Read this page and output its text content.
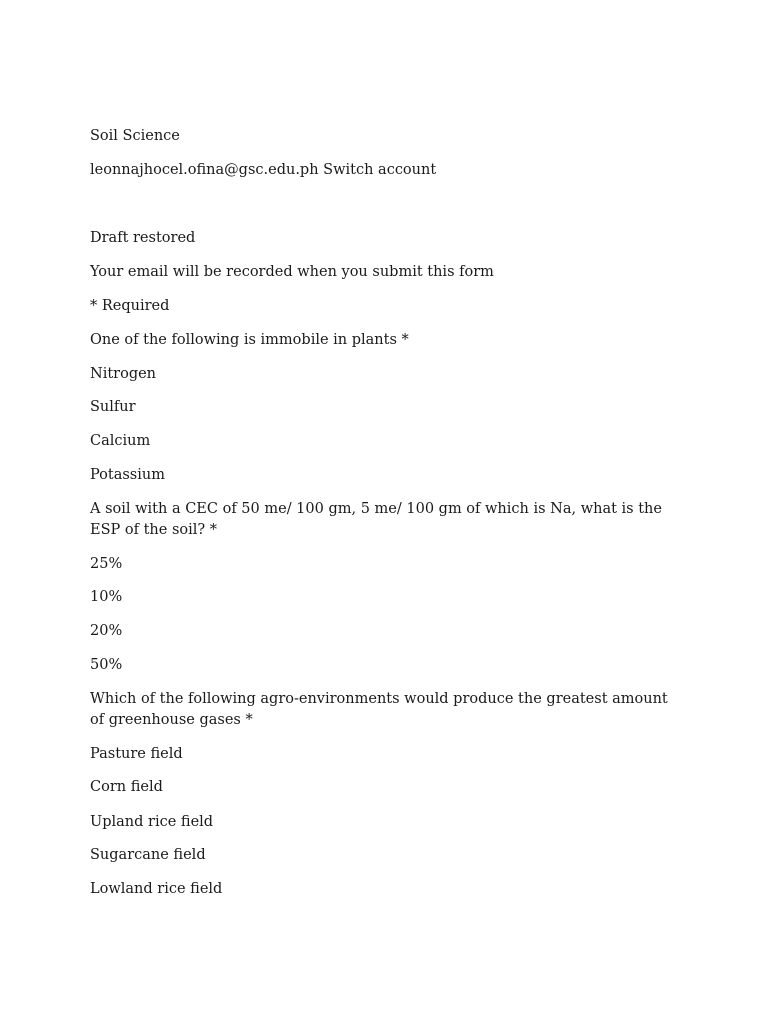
Soil Science
leonnajhocel.ofina@gsc.edu.ph Switch account
Draft restored
Your email will be recorded when you submit this form
* Required
One of the following is immobile in plants *
Nitrogen
Sulfur
Calcium
Potassium
A soil with a CEC of 50 me/ 100 gm, 5 me/ 100 gm of which is Na, what is the ESP of the soil? *
25%
10%
20%
50%
Which of the following agro-environments would produce the greatest amount of greenhouse gases *
Pasture field
Corn field
Upland rice field
Sugarcane field
Lowland rice field
